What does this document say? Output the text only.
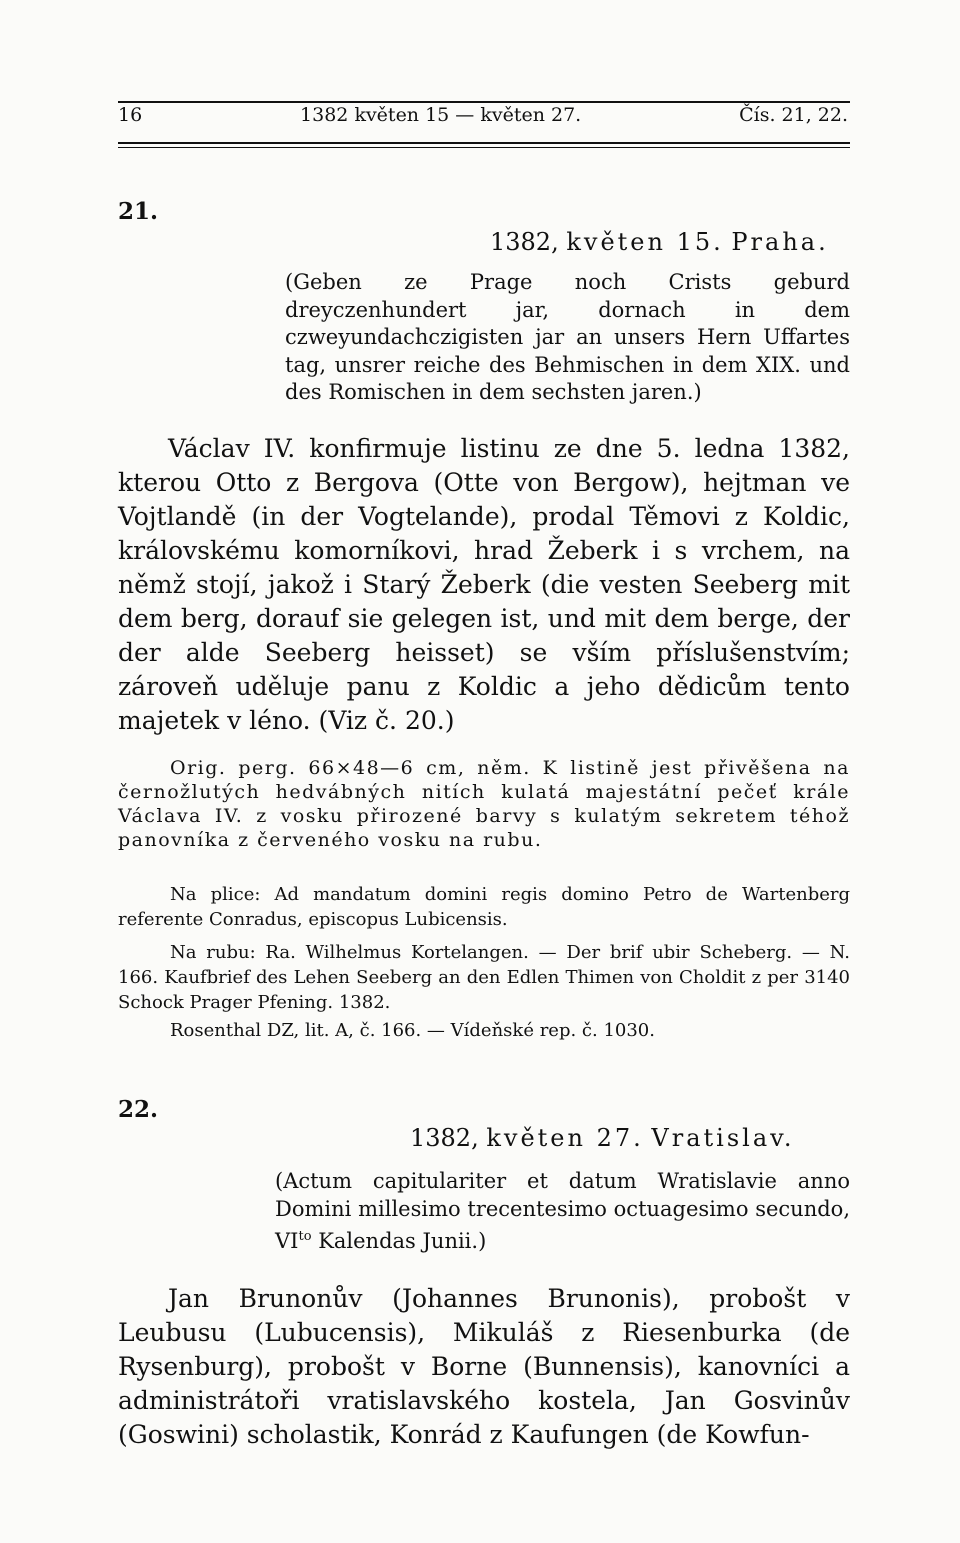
16	1382 květen 15 — květen 27.	Čís. 21, 22.
21.
1382, květen 15. Praha.

(Geben ze Prage noch Crists geburd dreyczenhundert jar, dornach in dem czweyundachczigisten jar an unsers Hern Uffartes tag, unsrer reiche des Behmischen in dem XIX. und des Romischen in dem sechsten jaren.)

Václav IV. konfirmuje listinu ze dne 5. ledna 1382, kterou Otto z Bergova (Otte von Bergow), hejtman ve Vojtlandě (in der Vogtelande), prodal Těmovi z Koldic, královskému komorníkovi, hrad Žeberk i s vrchem, na němž stojí, jakož i Starý Žeberk (die vesten Seeberg mit dem berg, dorauf sie gelegen ist, und mit dem berge, der der alde Seeberg heisset) se vším příslušenstvím; zároveň uděluje panu z Koldic a jeho dědicům tento majetek v léno. (Viz č. 20.)

Orig. perg. 66×48—6 cm, něm. K listině jest přivěšena na černožlutých hedvábných nitích kulatá majestátní pečeť krále Václava IV. z vosku přirozené barvy s kulatým sekretem téhož panovníka z červeného vosku na rubu.

Na plice: Ad mandatum domini regis domino Petro de Wartenberg referente Conradus, episcopus Lubicensis.

Na rubu: Ra. Wilhelmus Kortelangen. — Der brif ubir Scheberg. — N. 166. Kaufbrief des Lehen Seeberg an den Edlen Thimen von Choldit z per 3140 Schock Prager Pfening. 1382.

Rosenthal DZ, lit. A, č. 166. — Vídeňské rep. č. 1030.

22.
1382, květen 27. Vratislav.

(Actum capitulariter et datum Wratislavie anno Domini millesimo trecentesimo octuagesimo secundo, $VI^{to}$ Kalendas Junii.)

Jan Brunonův (Johannes Brunonis), probošt v Leubusu (Lubucensis), Mikuláš z Riesenburka (de Rysenburg), probošt v Borne (Bunnensis), kanovníci a administrátoři vratislavského kostela, Jan Gosvinův (Goswini) scholastik, Konrád z Kaufungen (de Kowfun-
